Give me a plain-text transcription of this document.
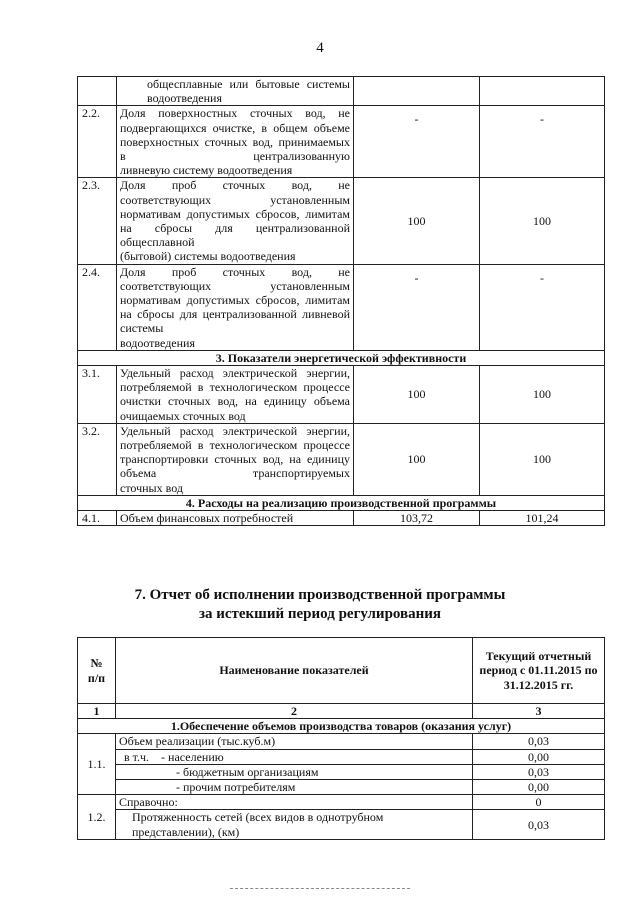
4
	общесплавные или бытовые системы
водоотведения		

2.2.	Доля поверхностных сточных вод, не подвергающихся очистке, в общем объеме поверхностных сточных вод, принимаемых в централизованную
ливневую систему водоотведения	-	-
2.3.	Доля проб сточных вод, не соответствующих установленным нормативам допустимых сбросов, лимитам на сбросы для централизованной общесплавной
(бытовой) системы водоотведения	100	100
2.4.	Доля проб сточных вод, не соответствующих установленным нормативам допустимых сбросов, лимитам на сбросы для централизованной ливневой системы
водоотведения	-	-
3. Показатели энергетической эффективности			
3.1.	Удельный расход электрической энергии, потребляемой в технологическом процессе очистки сточных вод, на единицу объема
очищаемых сточных вод	100	100
3.2.	Удельный расход электрической энергии, потребляемой в технологическом процессе транспортировки сточных вод, на единицу объема транспортируемых
сточных вод	100	100
4. Расходы на реализацию производственной программы			
4.1.	Объем финансовых потребностей	103,72	101,24
7. Отчет об исполнении производственной программы
за истекший период регулирования
№ п/п	Наименование показателей	Текущий отчетный период с 01.11.2015 по 31.12.2015 гг.
1	2	3
1.Обеспечение объемов производства товаров (оказания услуг)		
1.1.	Объем реализации (тыс.куб.м)	0,03
	в т.ч.    - населению	0,00
	- бюджетным организациям	0,03
	- прочим потребителям	0,00
1.2.	Справочно:	0
	Протяженность сетей (всех видов в однотрубном представлении), (км)	0,03
